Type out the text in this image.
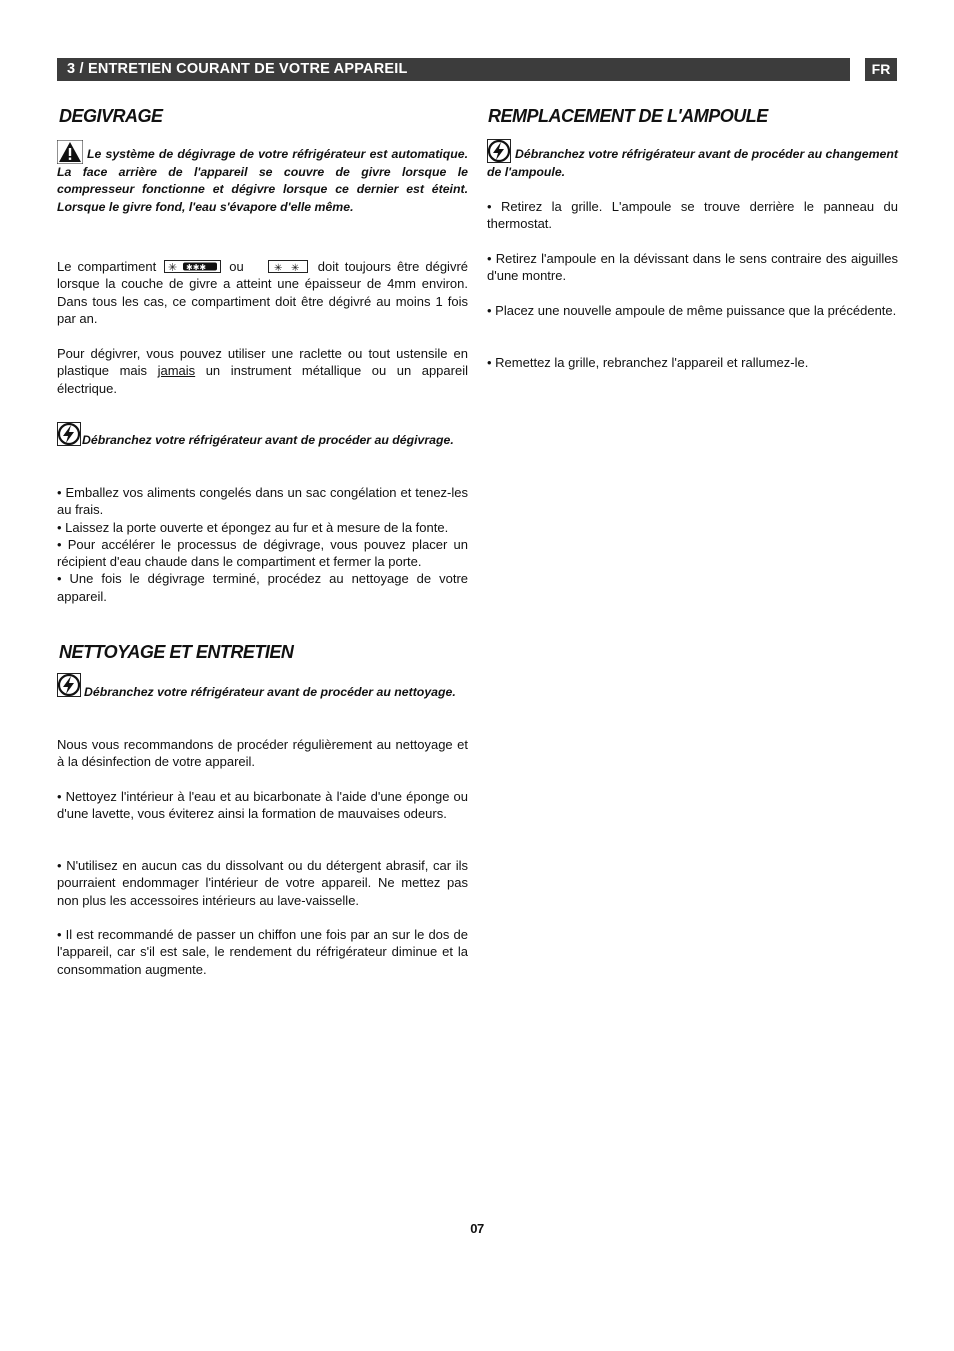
3 / ENTRETIEN COURANT DE VOTRE APPAREIL	FR
DEGIVRAGE

Le système de dégivrage de votre réfrigérateur est automatique. La face arrière de l'appareil se couvre de givre lorsque le compresseur fonctionne et dégivre lorsque ce dernier est éteint. Lorsque le givre fond, l'eau s'évapore d'elle même.

Le compartiment ✳ ✱✱✱ ou	✳ ✳ doit toujours être dégivré lorsque la couche de givre a atteint une épaisseur de 4mm environ. Dans tous les cas, ce compartiment doit être dégivré au moins 1 fois par an.

Pour dégivrer, vous pouvez utiliser une raclette ou tout ustensile en plastique mais jamais un instrument métallique ou un appareil électrique.

Débranchez votre réfrigérateur avant de procéder au dégivrage.

• Emballez vos aliments congelés dans un sac congélation et tenez-les au frais.

• Laissez la porte ouverte et épongez au fur et à mesure de la fonte.

• Pour accélérer le processus de dégivrage, vous pouvez placer un récipient d'eau chaude dans le compartiment et fermer la porte.

• Une fois le dégivrage terminé, procédez au nettoyage de votre appareil.

NETTOYAGE ET ENTRETIEN

Débranchez votre réfrigérateur avant de procéder au nettoyage.

Nous vous recommandons de procéder régulièrement au nettoyage et à la désinfection de votre appareil.

• Nettoyez l'intérieur à l'eau et au bicarbonate à l'aide d'une éponge ou d'une lavette, vous éviterez ainsi la formation de mauvaises odeurs.

• N'utilisez en aucun cas du dissolvant ou du détergent abrasif, car ils pourraient endommager l'intérieur de votre appareil. Ne mettez pas non plus les accessoires intérieurs au lave-vaisselle.

• Il est recommandé de passer un chiffon une fois par an sur le dos de l'appareil, car s'il est sale, le rendement du réfrigérateur diminue et la consommation augmente.

REMPLACEMENT DE L'AMPOULE

Débranchez votre réfrigérateur avant de procéder au changement de l'ampoule.

• Retirez la grille. L'ampoule se trouve derrière le panneau du thermostat.

• Retirez l'ampoule en la dévissant dans le sens contraire des aiguilles d'une montre.

• Placez une nouvelle ampoule de même puissance que la précédente.

• Remettez la grille, rebranchez l'appareil et rallumez-le.

07
